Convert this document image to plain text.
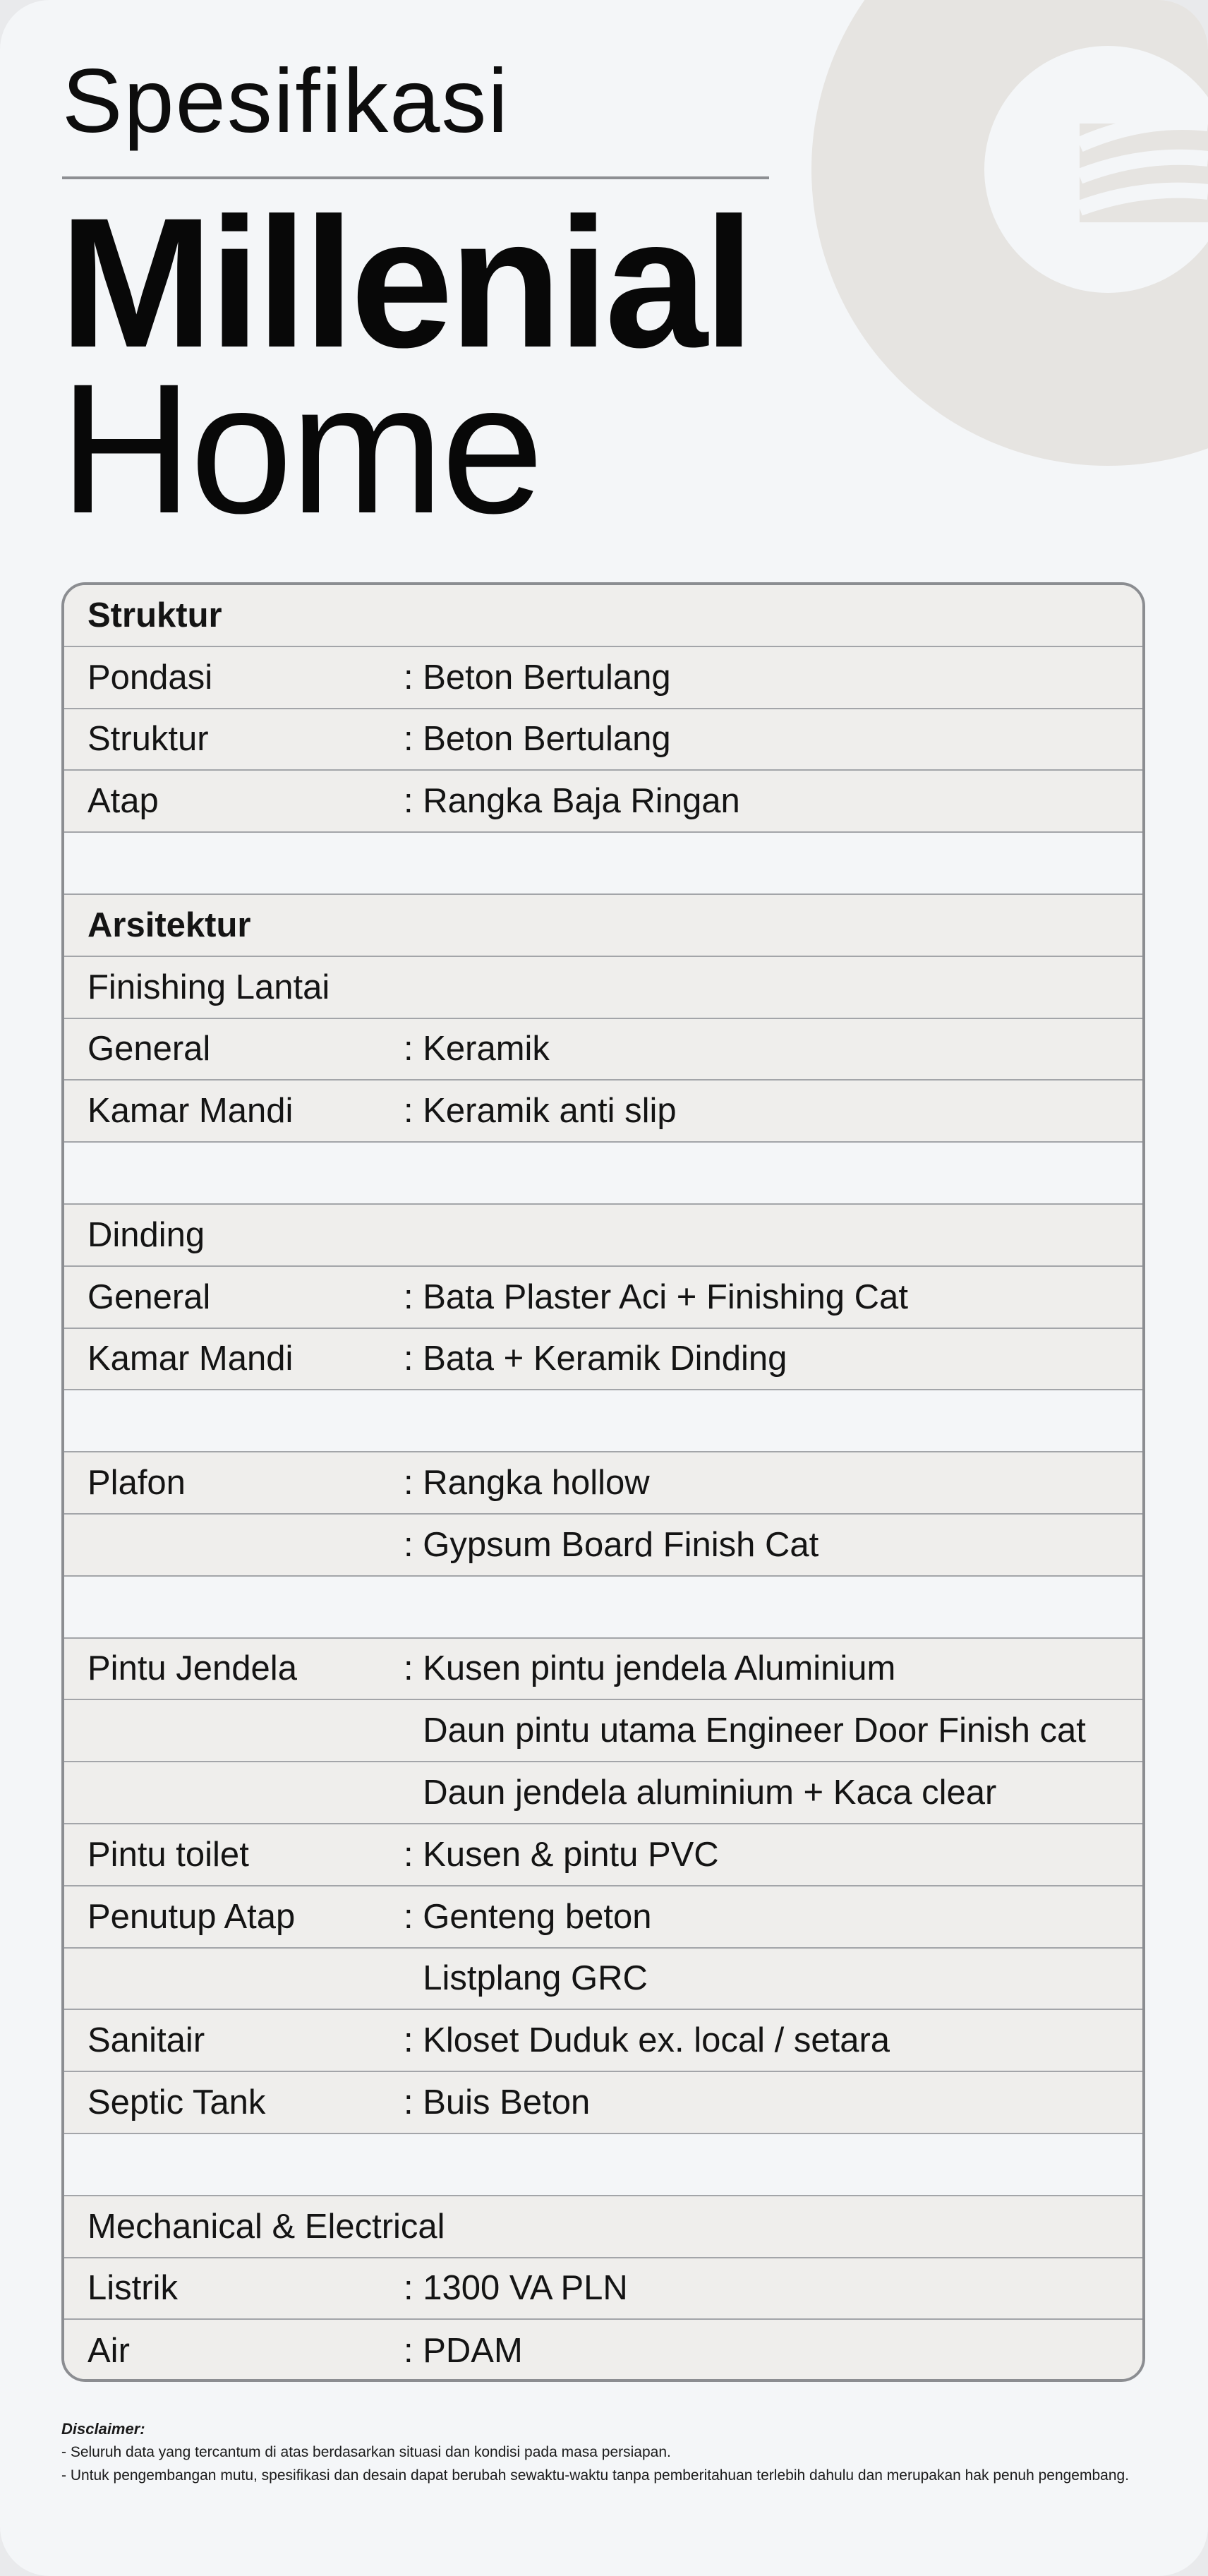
Spesifikasi
Millenial
Home
Struktur
Pondasi	: Beton Bertulang
Struktur	: Beton Bertulang
Atap	: Rangka Baja Ringan
Arsitektur
Finishing Lantai
General	: Keramik
Kamar Mandi	: Keramik anti slip
Dinding
General	: Bata Plaster Aci + Finishing Cat
Kamar Mandi	: Bata + Keramik Dinding
Plafon	: Rangka hollow
: Gypsum Board Finish Cat
Pintu Jendela	: Kusen pintu jendela Aluminium
Daun pintu utama Engineer Door Finish cat
Daun jendela aluminium + Kaca clear
Pintu toilet	: Kusen & pintu PVC
Penutup Atap	: Genteng beton
Listplang GRC
Sanitair	: Kloset Duduk ex. local / setara
Septic Tank	: Buis Beton
Mechanical & Electrical
Listrik	: 1300 VA PLN
Air	: PDAM
Disclaimer:
- Seluruh data yang tercantum di atas berdasarkan situasi dan kondisi pada masa persiapan.
- Untuk pengembangan mutu, spesifikasi dan desain dapat berubah sewaktu-waktu tanpa pemberitahuan terlebih dahulu dan merupakan hak penuh pengembang.
